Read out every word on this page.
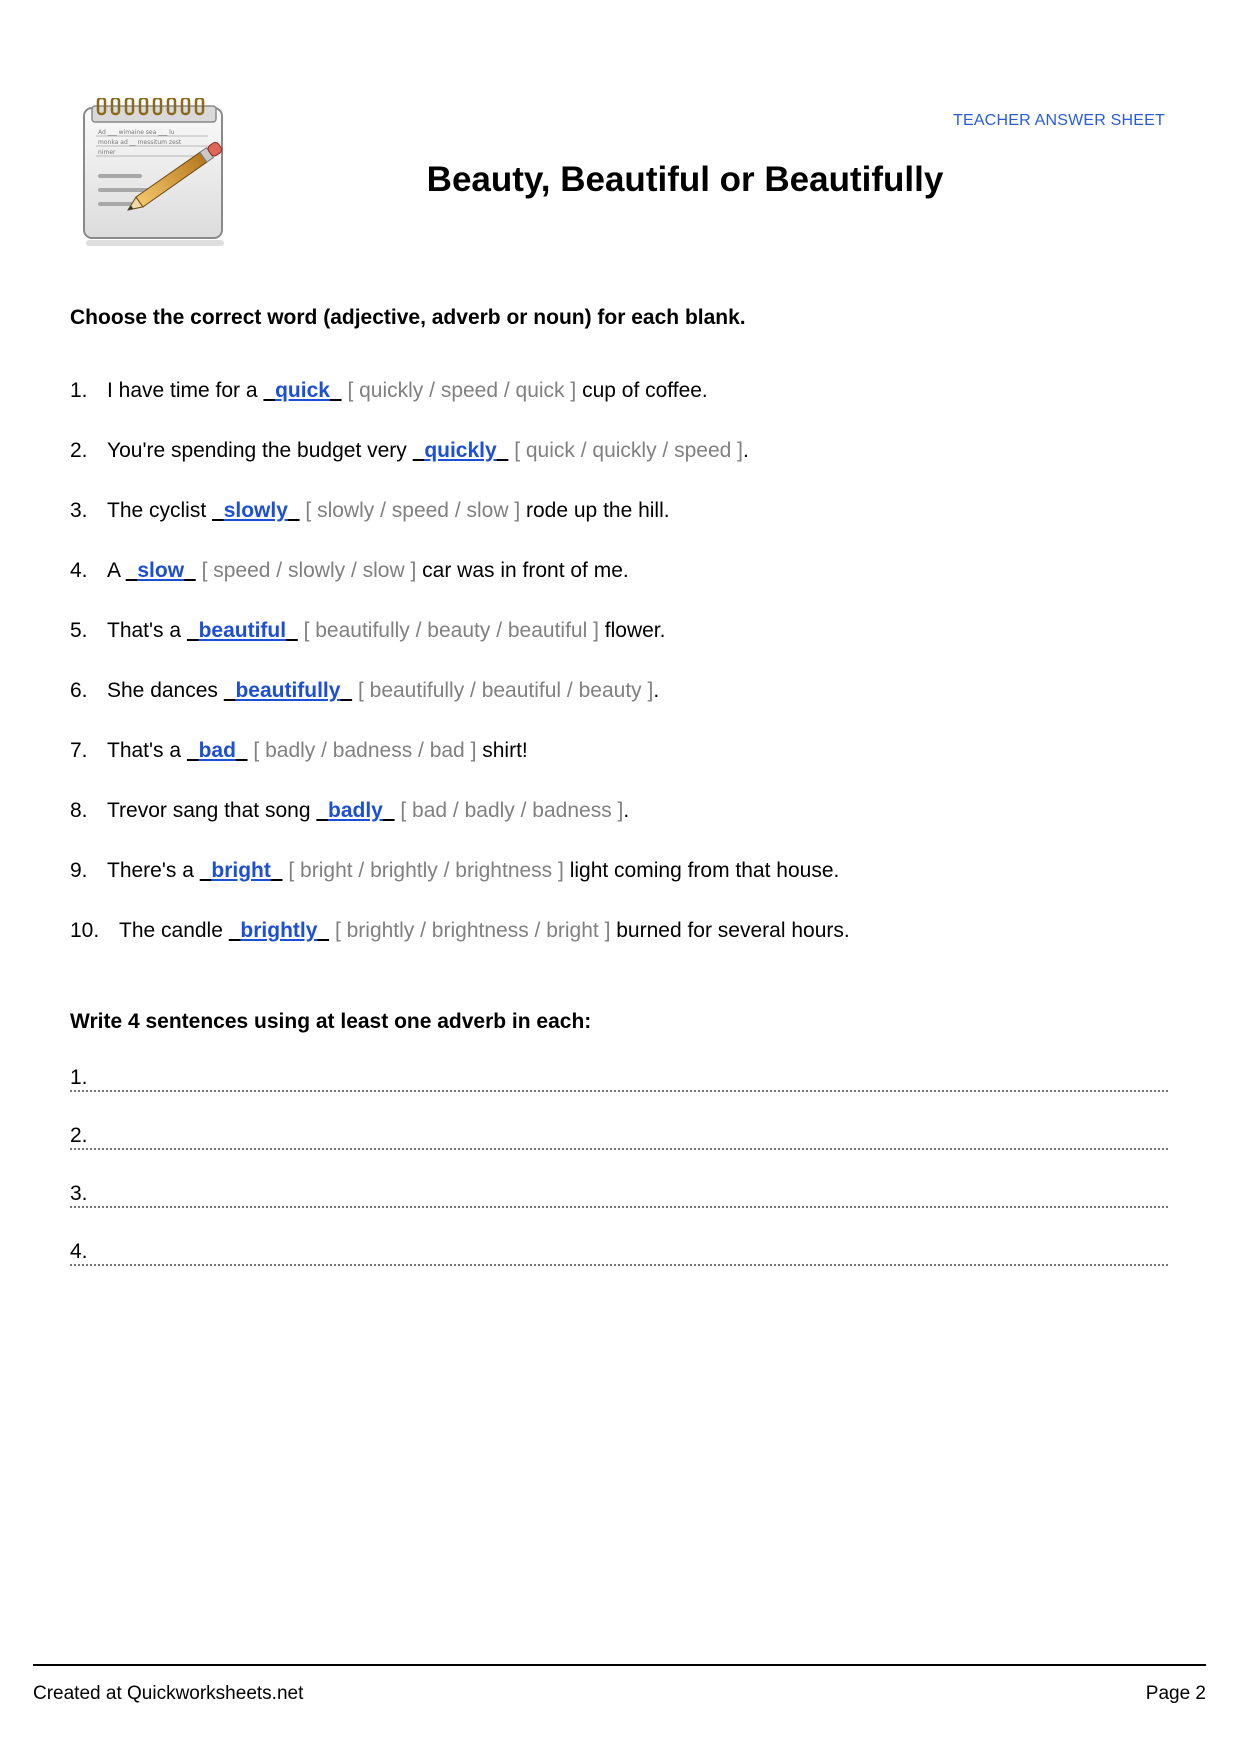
Ad ___ wimaine sea ___ lu
monka ad __ messitum zest
nimer
TEACHER ANSWER SHEET
Beauty, Beautiful or Beautifully

Choose the correct word (adjective, adverb or noun) for each blank.

1. I have time for a   quick [ quickly / speed / quick ] cup of coffee.
2. You're spending the budget very   quickly [ quick / quickly / speed ].
3. The cyclist   slowly [ slowly / speed / slow ] rode up the hill.
4. A   slow [ speed / slowly / slow ] car was in front of me.
5. That's a   beautiful [ beautifully / beauty / beautiful ] flower.
6. She dances   beautifully [ beautifully / beautiful / beauty ].
7. That's a   bad [ badly / badness / bad ] shirt!
8. Trevor sang that song   badly [ bad / badly / badness ].
9. There's a   bright [ bright / brightly / brightness ] light coming from that house.
10. The candle   brightly [ brightly / brightness / bright ] burned for several hours.

Write 4 sentences using at least one adverb in each:

1.
2.
3.
4.
Created at Quickworksheets.net	Page 2
